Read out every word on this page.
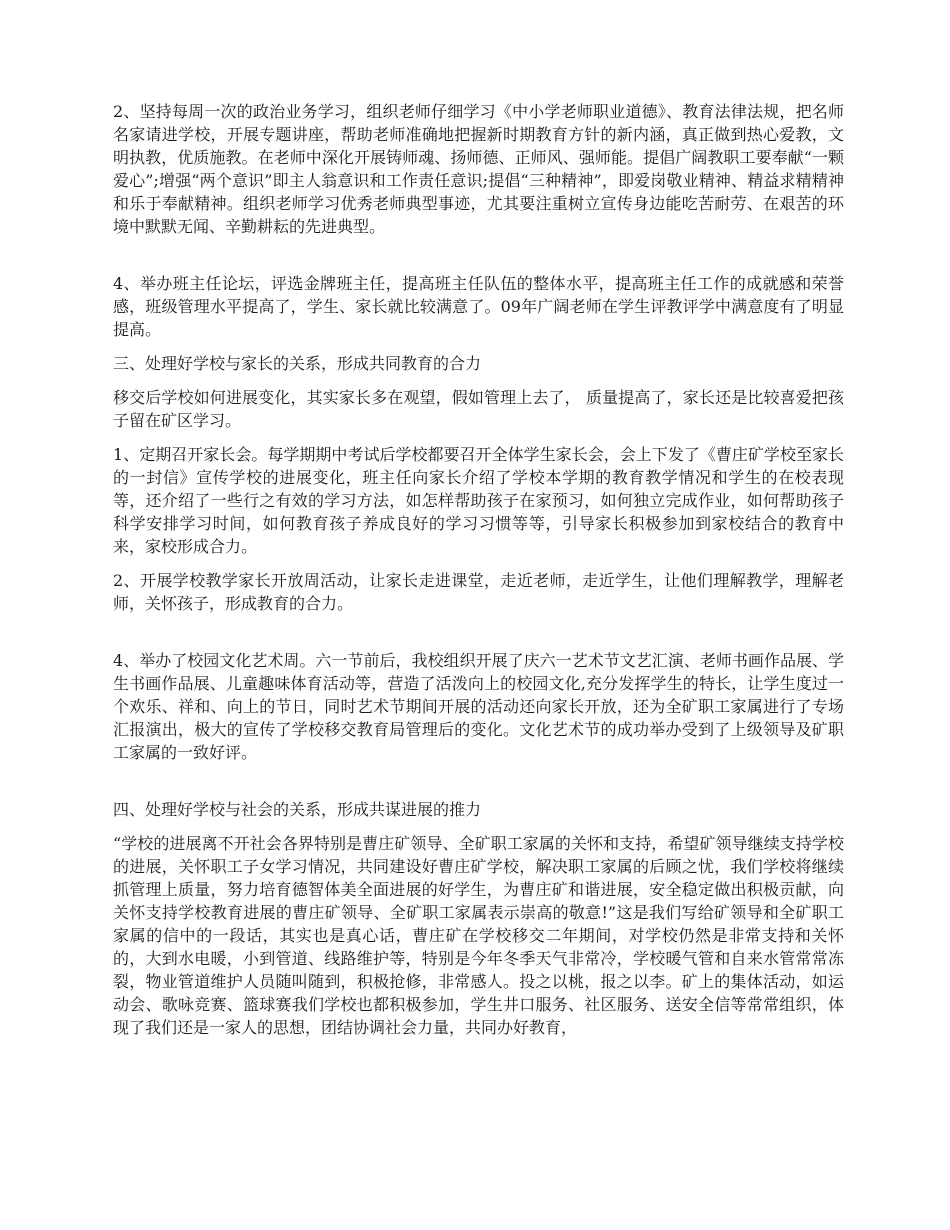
2、坚持每周一次的政治业务学习，组织老师仔细学习《中小学老师职业道德》、教育法律法规，把名师名家请进学校，开展专题讲座，帮助老师准确地把握新时期教育方针的新内涵，真正做到热心爱教，文明执教，优质施教。在老师中深化开展铸师魂、扬师德、正师风、强师能。提倡广阔教职工要奉献“一颗爱心”;增强“两个意识”即主人翁意识和工作责任意识;提倡“三种精神”，即爱岗敬业精神、精益求精精神和乐于奉献精神。组织老师学习优秀老师典型事迹，尤其要注重树立宣传身边能吃苦耐劳、在艰苦的环境中默默无闻、辛勤耕耘的先进典型。

4、举办班主任论坛，评选金牌班主任，提高班主任队伍的整体水平，提高班主任工作的成就感和荣誉感，班级管理水平提高了，学生、家长就比较满意了。09年广阔老师在学生评教评学中满意度有了明显提高。

三、处理好学校与家长的关系，形成共同教育的合力

移交后学校如何进展变化，其实家长多在观望，假如管理上去了， 质量提高了，家长还是比较喜爱把孩子留在矿区学习。

1、定期召开家长会。每学期期中考试后学校都要召开全体学生家长会，会上下发了《曹庄矿学校至家长的一封信》宣传学校的进展变化，班主任向家长介绍了学校本学期的教育教学情况和学生的在校表现等，还介绍了一些行之有效的学习方法，如怎样帮助孩子在家预习，如何独立完成作业，如何帮助孩子科学安排学习时间，如何教育孩子养成良好的学习习惯等等，引导家长积极参加到家校结合的教育中来，家校形成合力。

2、开展学校教学家长开放周活动，让家长走进课堂，走近老师，走近学生，让他们理解教学，理解老师，关怀孩子，形成教育的合力。

4、举办了校园文化艺术周。六一节前后，我校组织开展了庆六一艺术节文艺汇演、老师书画作品展、学生书画作品展、儿童趣味体育活动等，营造了活泼向上的校园文化,充分发挥学生的特长，让学生度过一个欢乐、祥和、向上的节日，同时艺术节期间开展的活动还向家长开放，还为全矿职工家属进行了专场汇报演出，极大的宣传了学校移交教育局管理后的变化。文化艺术节的成功举办受到了上级领导及矿职工家属的一致好评。

四、处理好学校与社会的关系，形成共谋进展的推力

“学校的进展离不开社会各界特别是曹庄矿领导、全矿职工家属的关怀和支持，希望矿领导继续支持学校的进展，关怀职工子女学习情况，共同建设好曹庄矿学校，解决职工家属的后顾之忧，我们学校将继续抓管理上质量，努力培育德智体美全面进展的好学生，为曹庄矿和谐进展，安全稳定做出积极贡献，向关怀支持学校教育进展的曹庄矿领导、全矿职工家属表示崇高的敬意!”这是我们写给矿领导和全矿职工家属的信中的一段话，其实也是真心话，曹庄矿在学校移交二年期间，对学校仍然是非常支持和关怀的，大到水电暖，小到管道、线路维护等，特别是今年冬季天气非常冷，学校暖气管和自来水管常常冻裂，物业管道维护人员随叫随到，积极抢修，非常感人。投之以桃，报之以李。矿上的集体活动，如运动会、歌咏竞赛、篮球赛我们学校也都积极参加，学生井口服务、社区服务、送安全信等常常组织，体现了我们还是一家人的思想，团结协调社会力量，共同办好教育，
